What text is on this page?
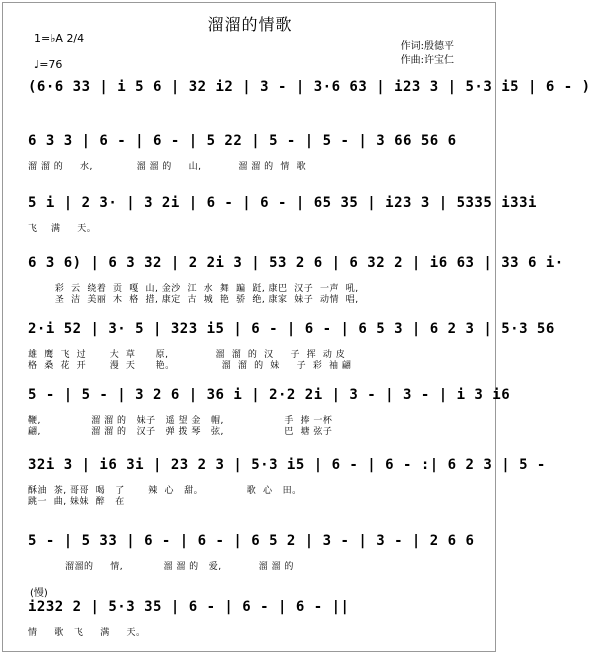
溜溜的情歌
1=♭A 2/4
♩=76
作词:殷德平
作曲:许宝仁
(6·6 33 | i 5 6 | 32 i2 | 3 - | 3·6 63 | i23 3 | 5·3 i5 | 6 - )
6 3 3 | 6 - | 6 - | 5 22 | 5 - | 5 - | 3 66 56 6
溜 溜 的     水,             溜 溜 的     山,           溜 溜 的  情  歌
5 i | 2 3· | 3 2i | 6 - | 6 - | 65 35 | i23 3 | 5335 i33i
飞    满     天。
6 3 6) | 6 3 32 | 2 2i 3 | 53 2 6 | 6 32 2 | i6 63 | 33 6 i·
彩  云  绕着  贡  嘎  山, 金沙  江  水  舞  蹁  跹, 康巴  汉子  一声  吼,
圣  洁  美丽  木  格  措, 康定  古  城  艳  骄  绝, 康家  妹子  动情  唱,
2·i 52 | 3· 5 | 323 i5 | 6 - | 6 - | 6 5 3 | 6 2 3 | 5·3 56
雄  鹰  飞  过       大  草      原,              溜  溜  的  汉     子  挥  动 皮
格  桑  花  开       漫  天      艳。              溜  溜  的  妹     子  彩  袖 翩
5 - | 5 - | 3 2 6 | 36 i | 2·2 2i | 3 - | 3 - | i 3 i6
鞭,               溜 溜 的   妹子   遥 望 金   帽,                  手  捧 一杯
翩,               溜 溜 的   汉子   弹 拨 琴   弦,                  巴  塘 弦子
32i 3 | i6 3i | 23 2 3 | 5·3 i5 | 6 - | 6 - :| 6 2 3 | 5 -
酥油  茶, 哥哥  喝   了       辣  心   甜。             歌  心   田。
跳一  曲, 妹妹  醉   在
5 - | 5 33 | 6 - | 6 - | 6 5 2 | 3 - | 3 - | 2 6 6
溜溜的     情,            溜 溜 的   爱,           溜 溜 的
(慢)
i232 2 | 5·3 35 | 6 - | 6 - | 6 - ||
情     歌   飞     满     天。
